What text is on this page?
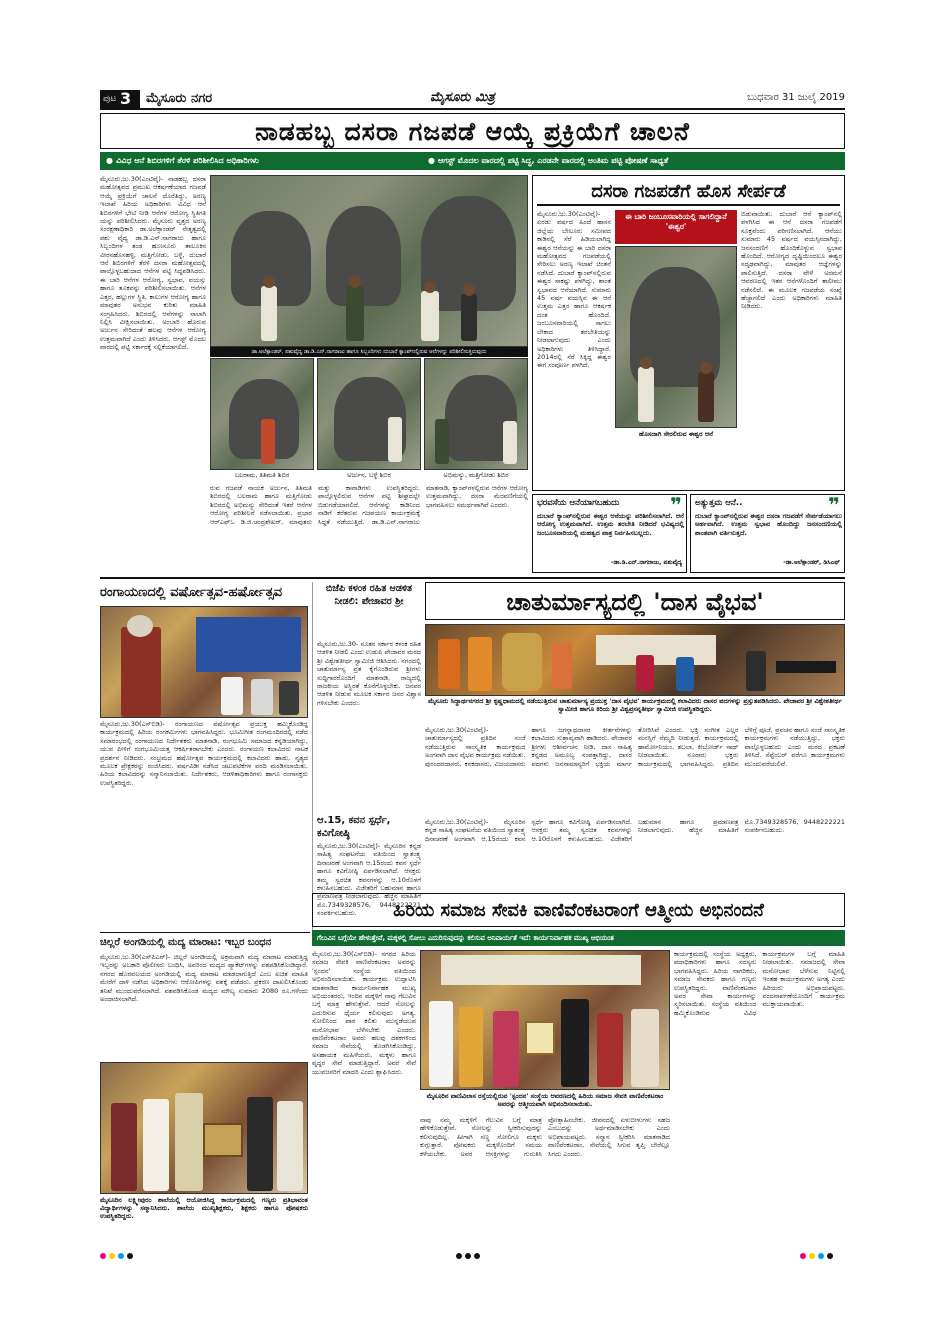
ಪುಟ 3 ಮೈಸೂರು ನಗರ	ಮೈಸೂರು ಮಿತ್ರ	ಬುಧವಾರ 31 ಜುಲೈ 2019
ನಾಡಹಬ್ಬ ದಸರಾ ಗಜಪಡೆ ಆಯ್ಕೆ ಪ್ರಕ್ರಿಯೆಗೆ ಚಾಲನೆ
● ವಿವಿಧ ಆನೆ ಶಿಬಿರಗಳಿಗೆ ತೆರಳಿ ಪರಿಶೀಲಿಸಿದ ಅಧಿಕಾರಿಗಳು	● ಆಗಸ್ಟ್ ಮೊದಲ ವಾರದಲ್ಲಿ ಪಟ್ಟಿ ಸಿದ್ಧ, ಎರಡನೇ ವಾರದಲ್ಲಿ ಅಂತಿಮ ಪಟ್ಟಿ ಪೋಷಣೆ ಸಾಧ್ಯತೆ
ಮೈಸೂರು,ಜು.30(ಎಂಟಿವೈ)- ನಾಡಹಬ್ಬ ದಸರಾ ಮಹೋತ್ಸವದ ಪ್ರಮುಖ ಆಕರ್ಷಣೆಯಾದ ಗಜಪಡೆ ಆಯ್ಕೆ ಪ್ರಕ್ರಿಯೆಗೆ ಚಾಲನೆ ದೊರೆತಿದ್ದು, ಅರಣ್ಯ ಇಲಾಖೆ ಹಿರಿಯ ಅಧಿಕಾರಿಗಳು ವಿವಿಧ ಆನೆ ಶಿಬಿರಗಳಿಗೆ ಭೇಟಿ ನೀಡಿ ಆನೆಗಳ ಆರೋಗ್ಯ ಸ್ಥಿತಿಗತಿ ಯನ್ನು ಪರಿಶೀಲಿಸಿದರು. ಮೈಸೂರು ವೃತ್ತದ ಅರಣ್ಯ ಸಂರಕ್ಷಣಾಧಿಕಾರಿ ಡಾ.ಅಲೆಕ್ಸಾಂಡರ್ ನೇತೃತ್ವದಲ್ಲಿ ಪಶು ವೈದ್ಯ ಡಾ.ಡಿ.ಎನ್.ನಾಗರಾಜು ಹಾಗೂ ಸಿಬ್ಬಂದಿಗಳ ತಂಡ ಹುಣಸೂರು ತಾಲೂಕಿನ ವೀರನಹೊಸಹಳ್ಳಿ, ಮತ್ತಿಗೋಡು, ಬಳ್ಳೆ, ದುಬಾರೆ ಆನೆ ಶಿಬಿರಗಳಿಗೆ ತೆರಳಿ ದಸರಾ ಮಹೋತ್ಸವದಲ್ಲಿ ಪಾಲ್ಗೊಳ್ಳಬಹುದಾದ ಆನೆಗಳ ಪಟ್ಟಿ ಸಿದ್ಧಪಡಿಸಿದರು. ಈ ಬಾರಿ ಆನೆಗಳ ಆರೋಗ್ಯ, ಸ್ವಭಾವ, ವಯಸ್ಸು ಹಾಗೂ ತೂಕವನ್ನು ಪರಿಶೀಲಿಸಲಾಯಿತು. ಆನೆಗಳ ಎತ್ತರ, ಹಲ್ಲುಗಳ ಸ್ಥಿತಿ, ಕಾಲುಗಳ ಆರೋಗ್ಯ ಹಾಗೂ ಮಾವುತರ ಅನುಭವ ಕುರಿತು ಮಾಹಿತಿ ಸಂಗ್ರಹಿಸಿದರು. ಶಿಬಿರದಲ್ಲಿ ಆನೆಗಳನ್ನು ಸಾಲಾಗಿ ನಿಲ್ಲಿಸಿ ವೀಕ್ಷಿಸಲಾಯಿತು. ಅಂಬಾರಿ ಹೊರುವ ಅರ್ಜುನ ಸೇರಿದಂತೆ ಹಲವು ಆನೆಗಳ ಆರೋಗ್ಯ ಉತ್ತಮವಾಗಿದೆ ಎಂದು ತಿಳಿಸಿದರು. ಆಗಸ್ಟ್ ಮೊದಲ ವಾರದಲ್ಲಿ ಪಟ್ಟಿ ಸರ್ಕಾರಕ್ಕೆ ಸಲ್ಲಿಕೆಯಾಗಲಿದೆ.
ಡಾ.ಅಲೆಕ್ಸಾಂಡರ್, ಪಶುವೈದ್ಯ ಡಾ.ಡಿ.ಎನ್.ನಾಗರಾಜು ಹಾಗೂ ಸಿಬ್ಬಂದಿಗಳು ದುಬಾರೆ ಕ್ಯಾಂಪ್‌ನಲ್ಲಿರುವ ಆನೆಗಳನ್ನು ಪರಿಶೀಲಿಸುತ್ತಿರುವುದು
ಬಲರಾಮ, ತಿತಿಮತಿ ಶಿಬಿರ	ಅರ್ಜುನ, ಬಳ್ಳೆ ಶಿಬಿರ	ಅಭಿಮನ್ಯು, ಮತ್ತಿಗೋಡು ಶಿಬಿರ
ರುವ ಗಜಪಡೆ ನಾಯಕ ಅರ್ಜುನ, ತಿತಿಮತಿ ಶಿಬಿರದಲ್ಲಿ ಬಲರಾಮ ಹಾಗೂ ಮತ್ತಿಗೋಡು ಶಿಬಿರದಲ್ಲಿ ಅಭಿಮನ್ಯು ಸೇರಿದಂತೆ ಇತರೆ ಆನೆಗಳ ಆರೋಗ್ಯ ಪರಿಶೀಲನೆ ನಡೆಸಲಾಯಿತು. ಪ್ರಭಾರ ಆರ್‌ಎಫ್‌ಒ ಡಿ.ಜಿ.ಚಂದ್ರಶೇಖರ್, ಮಾವುತರು ಮತ್ತು ಕಾವಾಡಿಗಳು ಉಪಸ್ಥಿತರಿದ್ದರು. ಪಾಲ್ಗೊಳ್ಳಲಿರುವ ಆನೆಗಳ ಪಟ್ಟಿ ಶೀಘ್ರದಲ್ಲೇ ಬಿಡುಗಡೆಯಾಗಲಿದೆ. ಆನೆಗಳನ್ನು ಕಾಡಿನಿಂದ ನಾಡಿಗೆ ಕರೆತರುವ ಗಜಪಯಣ ಕಾರ್ಯಕ್ರಮಕ್ಕೆ ಸಿದ್ಧತೆ ನಡೆಯುತ್ತಿದೆ. ಡಾ.ಡಿ.ಎನ್.ನಾಗರಾಜು ಮಾತನಾಡಿ, ಕ್ಯಾಂಪ್‌ಗಳಲ್ಲಿರುವ ಆನೆಗಳ ಆರೋಗ್ಯ ಉತ್ತಮವಾಗಿದ್ದು, ದಸರಾ ಮೆರವಣಿಗೆಯಲ್ಲಿ ಭಾಗವಹಿಸಲು ಸಮರ್ಥವಾಗಿವೆ ಎಂದರು.
ದಸರಾ ಗಜಪಡೆಗೆ ಹೊಸ ಸೇರ್ಪಡೆ
ಮೈಸೂರು,ಜು.30(ಎಂಟಿವೈ)- ಏರಡು ವರ್ಷದ ಹಿಂದೆ ಹಾಸನ ಜಿಲ್ಲೆಯ ಬೇಲೂರು ಸಮೀಪದ ಕಾಡಿನಲ್ಲಿ ಸೆರೆ ಹಿಡಿಯಲಾಗಿದ್ದ ಈಶ್ವರ ಆನೆಯನ್ನು ಈ ಬಾರಿ ದಸರಾ ಮಹೋತ್ಸವದ ಗಜಪಡೆಯಲ್ಲಿ ಸೇರಿಸಲು ಅರಣ್ಯ ಇಲಾಖೆ ಚಿಂತನೆ ನಡೆಸಿದೆ. ದುಬಾರೆ ಕ್ಯಾಂಪ್‌ನಲ್ಲಿರುವ ಈಶ್ವರ ಸಾಕಷ್ಟು ಪಳಗಿದ್ದು, ಶಾಂತ ಸ್ವಭಾವದ ಆನೆಯಾಗಿದೆ. ಸುಮಾರು 45 ವರ್ಷ ವಯಸ್ಸಿನ ಈ ಆನೆ ಉತ್ತಮ ಎತ್ತರ ಹಾಗೂ ಆಕರ್ಷಕ ದಂತ ಹೊಂದಿದೆ. ಜಂಬೂಸವಾರಿಯಲ್ಲಿ ಸಾಗಲು ಬೇಕಾದ ತರಬೇತಿಯನ್ನು ನೀಡಲಾಗುವುದು ಎಂದು ಅಧಿಕಾರಿಗಳು ತಿಳಿಸಿದ್ದಾರೆ. 2014ರಲ್ಲಿ ಸೆರೆ ಸಿಕ್ಕಿದ್ದ ಈಶ್ವರ ಈಗ ಸಂಪೂರ್ಣ ಪಳಗಿದೆ.
ಈ ಬಾರಿ ಜಂಬೂಸವಾರಿಯಲ್ಲಿ ಸಾಗಲಿದ್ದಾನೆ 'ಈಶ್ವರ'
ಹೊಸದಾಗಿ ಸೇರಲಿರುವ ಈಶ್ವರ ಆನೆ
ಬಿಡುವಾಯಿತು. ದುಬಾರೆ ಆನೆ ಕ್ಯಾಂಪ್‌ನಲ್ಲಿ ಪಳಗಿಸಿದ ಈ ಆನೆ ದಸರಾ ಗಜಪಡೆಗೆ ಸೂಕ್ತವೆಂದು ಪರಿಗಣಿಸಲಾಗಿದೆ. ಆನೆಯು ಸುಮಾರು 45 ವರ್ಷದ ವಯಸ್ಸಿನದಾಗಿದ್ದು, ಜನಸಂದಣಿಗೆ ಹೊಂದಿಕೊಳ್ಳುವ ಸ್ವಭಾವ ಹೊಂದಿದೆ. ಆರೋಗ್ಯದ ದೃಷ್ಟಿಯಿಂದಲೂ ಈಶ್ವರ ಸದೃಢವಾಗಿದ್ದು, ಮಾವುತರ ಆಜ್ಞೆಗಳನ್ನು ಪಾಲಿಸುತ್ತಿದೆ. ದಸರಾ ವೇಳೆ ಅರಮನೆ ಆವರಣದಲ್ಲಿ ಇತರ ಆನೆಗಳೊಂದಿಗೆ ತಾಲೀಮು ನಡೆಸಲಿದೆ. ಈ ಮೂಲಕ ಗಜಪಡೆಯ ಸಂಖ್ಯೆ ಹೆಚ್ಚಾಗಲಿದೆ ಎಂದು ಅಧಿಕಾರಿಗಳು ಮಾಹಿತಿ ನೀಡಿದರು.
ಭರವಸೆಯ ಆನೆಯಾಗಬಹುದು	❞
ದುಬಾರೆ ಕ್ಯಾಂಪ್‌ನಲ್ಲಿರುವ ಈಶ್ವರ ಆನೆಯನ್ನು ಪರಿಶೀಲಿಸಲಾಗಿದೆ. ಆನೆ ಆರೋಗ್ಯ ಉತ್ತಮವಾಗಿದೆ. ಉತ್ತಮ ತರಬೇತಿ ನೀಡಿದರೆ ಭವಿಷ್ಯದಲ್ಲಿ ಜಂಬೂಸವಾರಿಯಲ್ಲಿ ಮಹತ್ವದ ಪಾತ್ರ ನಿರ್ವಹಿಸಬಲ್ಲದು.
-ಡಾ.ಡಿ.ಎನ್.ನಾಗರಾಜು, ಪಶುವೈದ್ಯ
ಅತ್ಯುತ್ತಮ ಆನೆ..	❞
ದುಬಾರೆ ಕ್ಯಾಂಪ್‌ನಲ್ಲಿರುವ ಈಶ್ವರ ದಸರಾ ಗಜಪಡೆಗೆ ಸೇರ್ಪಡೆಯಾಗಲು ಅರ್ಹವಾಗಿದೆ. ಉತ್ತಮ ಸ್ವಭಾವ ಹೊಂದಿದ್ದು ಜನಸಂದಣಿಯಲ್ಲಿ ಶಾಂತವಾಗಿ ವರ್ತಿಸುತ್ತದೆ.
-ಡಾ.ಅಲೆಕ್ಸಾಂಡರ್, ಡಿಸಿಎಫ್
ರಂಗಾಯಣದಲ್ಲಿ ವರ್ಷೋತ್ಸವ-ಹರ್ಷೋತ್ಸವ
ಮೈಸೂರು,ಜು.30(ಎಸ್‌ಬಿಡಿ)- ರಂಗಾಯಣದ ವರ್ಷೋತ್ಸವ ಪ್ರಯುಕ್ತ ಹಮ್ಮಿಕೊಂಡಿದ್ದ ಕಾರ್ಯಕ್ರಮದಲ್ಲಿ ಹಿರಿಯ ರಂಗಕರ್ಮಿಗಳು ಭಾಗವಹಿಸಿದ್ದರು. ಭೂಮಿಗೀತ ರಂಗಮಂದಿರದಲ್ಲಿ ನಡೆದ ಸಮಾರಂಭದಲ್ಲಿ ರಂಗಾಯಣದ ನಿರ್ದೇಶಕರು ಮಾತನಾಡಿ, ರಂಗಭೂಮಿ ಸಮಾಜದ ಕನ್ನಡಿಯಾಗಿದ್ದು, ಯುವ ಪೀಳಿಗೆ ರಂಗಭೂಮಿಯತ್ತ ಆಕರ್ಷಿತರಾಗಬೇಕು ಎಂದರು. ರಂಗಾಯಣ ಕಲಾವಿದರು ನಾಟಕ ಪ್ರದರ್ಶನ ನೀಡಿದರು. ಸಂಭ್ರಮದ ಹರ್ಷೋತ್ಸವ ಕಾರ್ಯಕ್ರಮದಲ್ಲಿ ಕಲಾವಿದರು ಹಾಡು, ನೃತ್ಯದ ಮೂಲಕ ಪ್ರೇಕ್ಷಕರನ್ನು ರಂಜಿಸಿದರು. ವರ್ಷವಿಡೀ ನಡೆಸಿದ ಚಟುವಟಿಕೆಗಳ ವರದಿ ಮಂಡಿಸಲಾಯಿತು. ಹಿರಿಯ ಕಲಾವಿದರನ್ನು ಸನ್ಮಾನಿಸಲಾಯಿತು. ನಿರ್ದೇಶಕರು, ಆಡಳಿತಾಧಿಕಾರಿಗಳು ಹಾಗೂ ರಂಗಾಸಕ್ತರು ಉಪಸ್ಥಿತರಿದ್ದರು.
ಬಿಜೆಪಿ ಕಳಂಕ ರಹಿತ ಆಡಳಿತ ನೀಡಲಿ: ಪೇಜಾವರ ಶ್ರೀ
ಮೈಸೂರು,ಜು.30- ನೂತನ ಸರ್ಕಾರ ಕಳಂಕ ರಹಿತ ಆಡಳಿತ ನೀಡಲಿ ಎಂದು ಉಡುಪಿ ಪೇಜಾವರ ಮಠದ ಶ್ರೀ ವಿಶ್ವೇಶತೀರ್ಥ ಸ್ವಾಮೀಜಿ ಆಶಿಸಿದರು. ನಗರದಲ್ಲಿ ಚಾತುರ್ಮಾಸ್ಯ ವ್ರತ ಕೈಗೊಂಡಿರುವ ಶ್ರೀಗಳು ಸುದ್ದಿಗಾರರೊಂದಿಗೆ ಮಾತನಾಡಿ, ರಾಜ್ಯದಲ್ಲಿ ರಾಜಕೀಯ ಅಸ್ಥಿರತೆ ಕೊನೆಗೊಳ್ಳಬೇಕು. ಜನಪರ ಆಡಳಿತ ನೀಡುವ ಮೂಲಕ ಸರ್ಕಾರ ಜನರ ವಿಶ್ವಾಸ ಗಳಿಸಬೇಕು ಎಂದರು.
ಆ.15, ಕವನ ಸ್ಪರ್ಧೆ, ಕವಿಗೋಷ್ಠಿ
ಮೈಸೂರು,ಜು.30(ಎಂಟಿವೈ)- ಮೈಸೂರಿನ ಕನ್ನಡ ಸಾಹಿತ್ಯ ಸಂಘಟನೆಯ ವತಿಯಿಂದ ಸ್ವಾತಂತ್ರ್ಯ ದಿನಾಚರಣೆ ಅಂಗವಾಗಿ ಆ.15ರಂದು ಕವನ ಸ್ಪರ್ಧೆ ಹಾಗೂ ಕವಿಗೋಷ್ಠಿ ಏರ್ಪಡಿಸಲಾಗಿದೆ. ಆಸಕ್ತರು ತಮ್ಮ ಸ್ವರಚಿತ ಕವನಗಳನ್ನು ಆ.10ರೊಳಗೆ ಕಳುಹಿಸಬಹುದು. ವಿಜೇತರಿಗೆ ಬಹುಮಾನ ಹಾಗೂ ಪ್ರಮಾಣಪತ್ರ ನೀಡಲಾಗುವುದು. ಹೆಚ್ಚಿನ ಮಾಹಿತಿಗೆ ಮೊ.7349328576, 9448222221 ಸಂಪರ್ಕಿಸಬಹುದು.
ಚಾತುರ್ಮಾಸ್ಯದಲ್ಲಿ 'ದಾಸ ವೈಭವ'
ಮೈಸೂರು ಸಿದ್ಧಾರ್ಥನಗರದ ಶ್ರೀ ಕೃಷ್ಣಧಾಮದಲ್ಲಿ ನಡೆಯುತ್ತಿರುವ ಚಾತುರ್ಮಾಸ್ಯ ಪ್ರಯುಕ್ತ 'ದಾಸ ವೈಭವ' ಕಾರ್ಯಕ್ರಮದಲ್ಲಿ ಕಲಾವಿದರು ದಾಸರ ಪದಗಳನ್ನು ಪ್ರಸ್ತುತಪಡಿಸಿದರು. ಪೇಜಾವರ ಶ್ರೀ ವಿಶ್ವೇಶತೀರ್ಥ ಸ್ವಾಮೀಜಿ ಹಾಗೂ ಕಿರಿಯ ಶ್ರೀ ವಿಶ್ವಪ್ರಸನ್ನತೀರ್ಥ ಸ್ವಾಮೀಜಿ ಉಪಸ್ಥಿತರಿದ್ದರು.
ಮೈಸೂರು,ಜು.30(ಎಂಟಿವೈ)- ಚಾತುರ್ಮಾಸ್ಯದಲ್ಲಿ ಪ್ರತಿದಿನ ಸಂಜೆ ನಡೆಯುತ್ತಿರುವ ಸಾಂಸ್ಕೃತಿಕ ಕಾರ್ಯಕ್ರಮದ ಅಂಗವಾಗಿ ದಾಸ ವೈಭವ ಕಾರ್ಯಕ್ರಮ ನಡೆಯಿತು. ಪುರಂದರದಾಸರು, ಕನಕದಾಸರು, ವಿಜಯದಾಸರು ಹಾಗೂ ಜಗನ್ನಾಥದಾಸರ ಕೀರ್ತನೆಗಳನ್ನು ಕಲಾವಿದರು ಸುಶ್ರಾವ್ಯವಾಗಿ ಹಾಡಿದರು. ಪೇಜಾವರ ಶ್ರೀಗಳು ಆಶೀರ್ವಚನ ನೀಡಿ, ದಾಸ ಸಾಹಿತ್ಯ ಕನ್ನಡದ ಅಮೂಲ್ಯ ಸಂಪತ್ತಾಗಿದ್ದು, ದಾಸರ ಪದಗಳು ಜನಸಾಮಾನ್ಯರಿಗೆ ಭಕ್ತಿಯ ಮಾರ್ಗ ತೋರಿಸಿವೆ ಎಂದರು. ಭಕ್ತಿ ಸಂಗೀತ ಎಲ್ಲರ ಮನಸ್ಸಿಗೆ ನೆಮ್ಮದಿ ನೀಡುತ್ತದೆ. ಕಾರ್ಯಕ್ರಮದಲ್ಲಿ ಹಾರ್ಮೋನಿಯಂ, ತಬಲಾ, ಕೀಬೋರ್ಡ್ ಸಾಥ್ ನೀಡಲಾಯಿತು. ನೂರಾರು ಭಕ್ತರು ಕಾರ್ಯಕ್ರಮದಲ್ಲಿ ಭಾಗವಹಿಸಿದ್ದರು. ಪ್ರತಿದಿನ ಬೆಳಿಗ್ಗೆ ಪೂಜೆ, ಪ್ರವಚನ ಹಾಗೂ ಸಂಜೆ ಸಾಂಸ್ಕೃತಿಕ ಕಾರ್ಯಕ್ರಮಗಳು ನಡೆಯುತ್ತಿದ್ದು, ಭಕ್ತರು ಪಾಲ್ಗೊಳ್ಳಬಹುದು ಎಂದು ಮಠದ ಪ್ರಕಟಣೆ ತಿಳಿಸಿದೆ. ಸೆಪ್ಟೆಂಬರ್ ವರೆಗೂ ಕಾರ್ಯಕ್ರಮಗಳು ಮುಂದುವರೆಯಲಿವೆ.
ಮೈಸೂರು,ಜು.30(ಎಂಟಿವೈ)- ಮೈಸೂರಿನ ಕನ್ನಡ ಸಾಹಿತ್ಯ ಸಂಘಟನೆಯ ವತಿಯಿಂದ ಸ್ವಾತಂತ್ರ್ಯ ದಿನಾಚರಣೆ ಅಂಗವಾಗಿ ಆ.15ರಂದು ಕವನ ಸ್ಪರ್ಧೆ ಹಾಗೂ ಕವಿಗೋಷ್ಠಿ ಏರ್ಪಡಿಸಲಾಗಿದೆ. ಆಸಕ್ತರು ತಮ್ಮ ಸ್ವರಚಿತ ಕವನಗಳನ್ನು ಆ.10ರೊಳಗೆ ಕಳುಹಿಸಬಹುದು. ವಿಜೇತರಿಗೆ ಬಹುಮಾನ ಹಾಗೂ ಪ್ರಮಾಣಪತ್ರ ನೀಡಲಾಗುವುದು. ಹೆಚ್ಚಿನ ಮಾಹಿತಿಗೆ ಮೊ.7349328576, 9448222221 ಸಂಪರ್ಕಿಸಬಹುದು.
ಚಿಲ್ಲರೆ ಅಂಗಡಿಯಲ್ಲಿ ಮದ್ಯ ಮಾರಾಟ: ಇಬ್ಬರ ಬಂಧನ
ಮೈಸೂರು,ಜು.30(ಎಸ್‌ಪಿಎನ್)- ಚಿಲ್ಲರೆ ಅಂಗಡಿಯಲ್ಲಿ ಅಕ್ರಮವಾಗಿ ಮದ್ಯ ಮಾರಾಟ ಮಾಡುತ್ತಿದ್ದ ಇಬ್ಬರನ್ನು ಅಬಕಾರಿ ಪೊಲೀಸರು ಬಂಧಿಸಿ, ಅವರಿಂದ ಮದ್ಯದ ಪ್ಯಾಕೆಟ್‌ಗಳನ್ನು ವಶಪಡಿಸಿಕೊಂಡಿದ್ದಾರೆ. ನಗರದ ಹೊರವಲಯದ ಅಂಗಡಿಯಲ್ಲಿ ಮದ್ಯ ಮಾರಾಟ ಮಾಡಲಾಗುತ್ತಿದೆ ಎಂಬ ಖಚಿತ ಮಾಹಿತಿ ಮೇರೆಗೆ ದಾಳಿ ನಡೆಸಿದ ಅಧಿಕಾರಿಗಳು ಆರೋಪಿಗಳನ್ನು ವಶಕ್ಕೆ ಪಡೆದರು. ಪ್ರಕರಣ ದಾಖಲಿಸಿಕೊಂಡು ತನಿಖೆ ಮುಂದುವರೆಸಲಾಗಿದೆ. ವಶಪಡಿಸಿಕೊಂಡ ಮದ್ಯದ ಮೌಲ್ಯ ಸುಮಾರು 2080 ರೂ.ಗಳೆಂದು ಅಂದಾಜಿಸಲಾಗಿದೆ.
ಮೈಸೂರಿನ ಲಕ್ಷ್ಮೀಪುರಂ ಶಾಲೆಯಲ್ಲಿ ಆಯೋಜಿಸಿದ್ದ ಕಾರ್ಯಕ್ರಮದಲ್ಲಿ ಗಣ್ಯರು ಪ್ರತಿಭಾವಂತ ವಿದ್ಯಾರ್ಥಿಗಳನ್ನು ಸನ್ಮಾನಿಸಿದರು. ಶಾಲೆಯ ಮುಖ್ಯಶಿಕ್ಷಕರು, ಶಿಕ್ಷಕರು ಹಾಗೂ ಪೋಷಕರು ಉಪಸ್ಥಿತರಿದ್ದರು.
ಹಿರಿಯ ಸಮಾಜ ಸೇವಕಿ ವಾಣಿವೆಂಕಟರಾಂಗೆ ಆತ್ಮೀಯ ಅಭಿನಂದನೆ
ಗೆಲುವಿನ ಬಗ್ಗೆಯೇ ಹೇಳುತ್ತೇವೆ, ಮಕ್ಕಳಲ್ಲಿ ಸೋಲು ಎದುರಿಸುವುದನ್ನು ಕಲಿಸುವ ಅನಿವಾರ್ಯತೆ ಇದೆ: ಕಾರ್ಯನಿರ್ವಾಹಕ ಮುಖ್ಯ ಅಭಿಯಂತ
ಮೈಸೂರು,ಜು.30(ಎಸ್‌ಬಿಡಿ)- ನಗರದ ಹಿರಿಯ ಸಮಾಜ ಸೇವಕಿ ವಾಣಿವೆಂಕಟರಾಂ ಅವರನ್ನು 'ಸ್ಪಂದನ' ಸಂಸ್ಥೆಯ ವತಿಯಿಂದ ಅಭಿನಂದಿಸಲಾಯಿತು. ಕಾರ್ಯಕ್ರಮ ಉದ್ಘಾಟಿಸಿ ಮಾತನಾಡಿದ ಕಾರ್ಯನಿರ್ವಾಹಕ ಮುಖ್ಯ ಅಭಿಯಂತರರು, ಇಂದಿನ ಮಕ್ಕಳಿಗೆ ನಾವು ಗೆಲುವಿನ ಬಗ್ಗೆ ಮಾತ್ರ ಹೇಳುತ್ತೇವೆ. ಆದರೆ ಸೋಲನ್ನು ಎದುರಿಸುವ ಧೈರ್ಯ ಕಲಿಸುವುದು ಅಗತ್ಯ. ಸೋಲಿನಿಂದ ಪಾಠ ಕಲಿತು ಮುನ್ನಡೆಯುವ ಮನೋಭಾವ ಬೆಳೆಸಬೇಕು ಎಂದರು. ವಾಣಿವೆಂಕಟರಾಂ ಅವರು ಹಲವು ದಶಕಗಳಿಂದ ಸಮಾಜ ಸೇವೆಯಲ್ಲಿ ತೊಡಗಿಸಿಕೊಂಡಿದ್ದು, ಅಸಹಾಯಕ ಮಹಿಳೆಯರು, ಮಕ್ಕಳು ಹಾಗೂ ವೃದ್ಧರ ಸೇವೆ ಮಾಡುತ್ತಿದ್ದಾರೆ. ಅವರ ಸೇವೆ ಯುವಜನರಿಗೆ ಮಾದರಿ ಎಂದು ಶ್ಲಾಘಿಸಿದರು.
ಮೈಸೂರಿನ ವಾಣಿವಿಲಾಸ ರಸ್ತೆಯಲ್ಲಿರುವ 'ಸ್ಪಂದನ' ಸಂಸ್ಥೆಯ ಆವರಣದಲ್ಲಿ ಹಿರಿಯ ಸಮಾಜ ಸೇವಕಿ ವಾಣಿವೆಂಕಟರಾಂ ಅವರನ್ನು ಆತ್ಮೀಯವಾಗಿ ಅಭಿನಂದಿಸಲಾಯಿತು.
ನಾವು ನಮ್ಮ ಮಕ್ಕಳಿಗೆ ಗೆಲುವಿನ ಬಗ್ಗೆ ಮಾತ್ರ ಹೇಳಿಕೊಡುತ್ತೇವೆ. ಸೋಲನ್ನು ಸ್ವೀಕರಿಸುವುದನ್ನು ಕಲಿಸುವುದಿಲ್ಲ. ಹೀಗಾಗಿ ಸಣ್ಣ ಸೋಲಿಗೂ ಮಕ್ಕಳು ಕುಗ್ಗುತ್ತಾರೆ. ಪೋಷಕರು ಮಕ್ಕಳೊಂದಿಗೆ ಸಮಯ ಕಳೆಯಬೇಕು. ಅವರ ಆಸಕ್ತಿಗಳನ್ನು ಗುರುತಿಸಿ ಪ್ರೋತ್ಸಾಹಿಸಬೇಕು. ಜೀವನದಲ್ಲಿ ಏಳುಬೀಳುಗಳು ಸಹಜ ಎಂಬುದನ್ನು ಅರ್ಥಮಾಡಿಸಬೇಕು ಎಂದು ಅಭಿಪ್ರಾಯಪಟ್ಟರು. ಸನ್ಮಾನ ಸ್ವೀಕರಿಸಿ ಮಾತನಾಡಿದ ವಾಣಿವೆಂಕಟರಾಂ, ಸೇವೆಯಲ್ಲಿ ಸಿಗುವ ತೃಪ್ತಿ ಬೇರೆಲ್ಲೂ ಸಿಗದು ಎಂದರು.
ಕಾರ್ಯಕ್ರಮದಲ್ಲಿ ಸಂಸ್ಥೆಯ ಅಧ್ಯಕ್ಷರು, ಪದಾಧಿಕಾರಿಗಳು ಹಾಗೂ ಸದಸ್ಯರು ಭಾಗವಹಿಸಿದ್ದರು. ಹಿರಿಯ ನಾಗರಿಕರು, ಸಮಾಜ ಸೇವಕರು ಹಾಗೂ ಗಣ್ಯರು ಉಪಸ್ಥಿತರಿದ್ದರು. ವಾಣಿವೆಂಕಟರಾಂ ಅವರ ಸೇವಾ ಕಾರ್ಯಗಳನ್ನು ಸ್ಮರಿಸಲಾಯಿತು. ಸಂಸ್ಥೆಯ ವತಿಯಿಂದ ಹಮ್ಮಿಕೊಂಡಿರುವ ವಿವಿಧ ಕಾರ್ಯಕ್ರಮಗಳ ಬಗ್ಗೆ ಮಾಹಿತಿ ನೀಡಲಾಯಿತು. ಸಮಾಜದಲ್ಲಿ ಸೇವಾ ಮನೋಭಾವ ಬೆಳೆಸುವ ನಿಟ್ಟಿನಲ್ಲಿ ಇಂತಹ ಕಾರ್ಯಕ್ರಮಗಳು ಅಗತ್ಯ ಎಂದು ಹಿರಿಯರು ಅಭಿಪ್ರಾಯಪಟ್ಟರು. ವಂದನಾರ್ಪಣೆಯೊಂದಿಗೆ ಕಾರ್ಯಕ್ರಮ ಮುಕ್ತಾಯವಾಯಿತು.
